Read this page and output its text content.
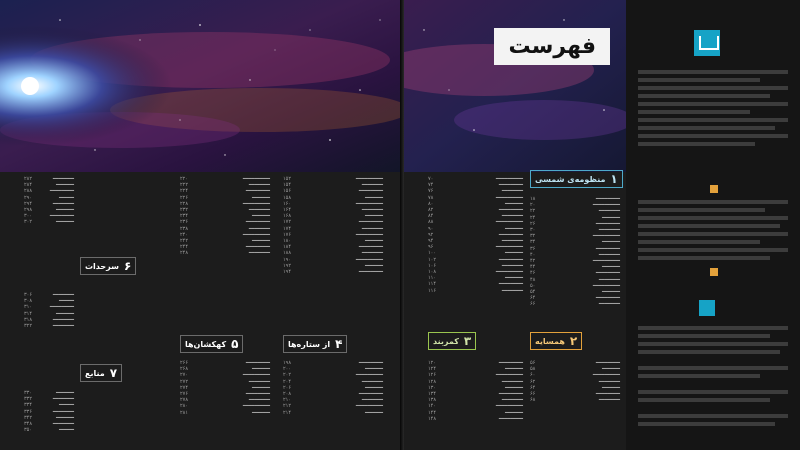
۲۸۲	━━━━━━━
۲۸۴	━━━━━━
۲۸۸	━━━━━━━━
۲۹۰	━━━━━
۲۹۴	━━━━━━━
۲۹۸	━━━━━━
۳۰۰	━━━━━━━━
۳۰۲	━━━━━━
۳۰۶	━━━━━━━
۳۰۸	━━━━━
۳۱۰	━━━━━━━━
۳۱۴	━━━━━━
۳۱۸	━━━━━━━
۳۲۲	━━━━━━━
۳۳۰	━━━━━━
۳۳۲	━━━━━━━
۳۳۴	━━━━━
۳۳۶	━━━━━━━
۳۴۲	━━━━━━
۳۴۸	━━━━━━━
۳۵۰	━━━━━
۲۲۰	━━━━━━━━━
۲۲۲	━━━━━━━
۲۲۴	━━━━━━━━
۲۲۶	━━━━━━
۲۲۸	━━━━━━━━━
۲۳۲	━━━━━━━
۲۳۴	━━━━━━
۲۳۶	━━━━━━━━
۲۳۸	━━━━━━━
۲۴۰	━━━━━━━━━
۲۴۲	━━━━━━
۲۴۴	━━━━━━━━
۲۴۸	━━━━━━━
۲۶۶	━━━━━━━━
۲۶۸	━━━━━━
۲۷۰	━━━━━━━━━
۲۷۲	━━━━━━━
۲۷۴	━━━━━━
۲۷۶	━━━━━━━━
۲۷۸	━━━━━━━
۲۸۰	━━━━━━━━━
۲۸۱	━━━━━━
۱۵۲	━━━━━━━━━
۱۵۴	━━━━━━━
۱۵۶	━━━━━━━━
۱۵۸	━━━━━━
۱۶۰	━━━━━━━━━
۱۶۴	━━━━━━━
۱۶۸	━━━━━━
۱۷۲	━━━━━━━━
۱۷۴	━━━━━━━
۱۷۶	━━━━━━━━━
۱۸۰	━━━━━━
۱۸۴	━━━━━━━━
۱۸۸	━━━━━━━
۱۹۰	━━━━━━━━━
۱۹۲	━━━━━━
۱۹۴	━━━━━━━━
۱۹۸	━━━━━━━━
۲۰۰	━━━━━━
۲۰۲	━━━━━━━━━
۲۰۴	━━━━━━━
۲۰۶	━━━━━━
۲۰۸	━━━━━━━━
۲۱۰	━━━━━━━
۲۱۲	━━━━━━━━━
۲۱۴	━━━━━━
سرحدات ۶
منابع ۷
کهکشان‌ها ۵	از ستاره‌ها ۴
فهرست
۷۰	━━━━━━━━━
۷۴	━━━━━━━━
۷۶	━━━━━━━
۷۸	━━━━━━━━━
۸۰	━━━━━━
۸۲	━━━━━━━━
۸۴	━━━━━━━
۸۸	━━━━━━━━━
۹۰	━━━━━━
۹۲	━━━━━━━━
۹۴	━━━━━━━
۹۶	━━━━━━━━━
۱۰۰	━━━━━━
۱۰۲	━━━━━━━━
۱۰۶	━━━━━━━
۱۰۸	━━━━━━━━━
۱۱۰	━━━━━━
۱۱۴	━━━━━━━━
۱۱۶	━━━━━━━
۱۲۰	━━━━━━━━
۱۲۴	━━━━━━
۱۲۶	━━━━━━━━━
۱۲۸	━━━━━━━
۱۳۰	━━━━━━
۱۳۴	━━━━━━━━
۱۳۸	━━━━━━━
۱۴۰	━━━━━━━━━
۱۴۴	━━━━━━
۱۴۸	━━━━━━━━
۱۸	━━━━━━━━
۲۰	━━━━━━━━━
۲۲	━━━━━━━
۲۴	━━━━━━
۲۶	━━━━━━━━
۳۰	━━━━━━━
۳۲	━━━━━━━━━
۳۴	━━━━━━
۳۶	━━━━━━━━
۴۰	━━━━━━━
۴۲	━━━━━━━━━
۴۴	━━━━━━
۴۶	━━━━━━━━
۴۸	━━━━━━━
۵۰	━━━━━━━━━
۵۴	━━━━━━
۶۴	━━━━━━━━
۶۶	━━━━━━━
۵۶	━━━━━━━━
۵۸	━━━━━━
۶۰	━━━━━━━━━
۶۲	━━━━━━━
۶۴	━━━━━━
۶۶	━━━━━━━━
۶۸	━━━━━━━
منظومه‌ی شمسی ۱
همسایه ۲
کمربند ۳
